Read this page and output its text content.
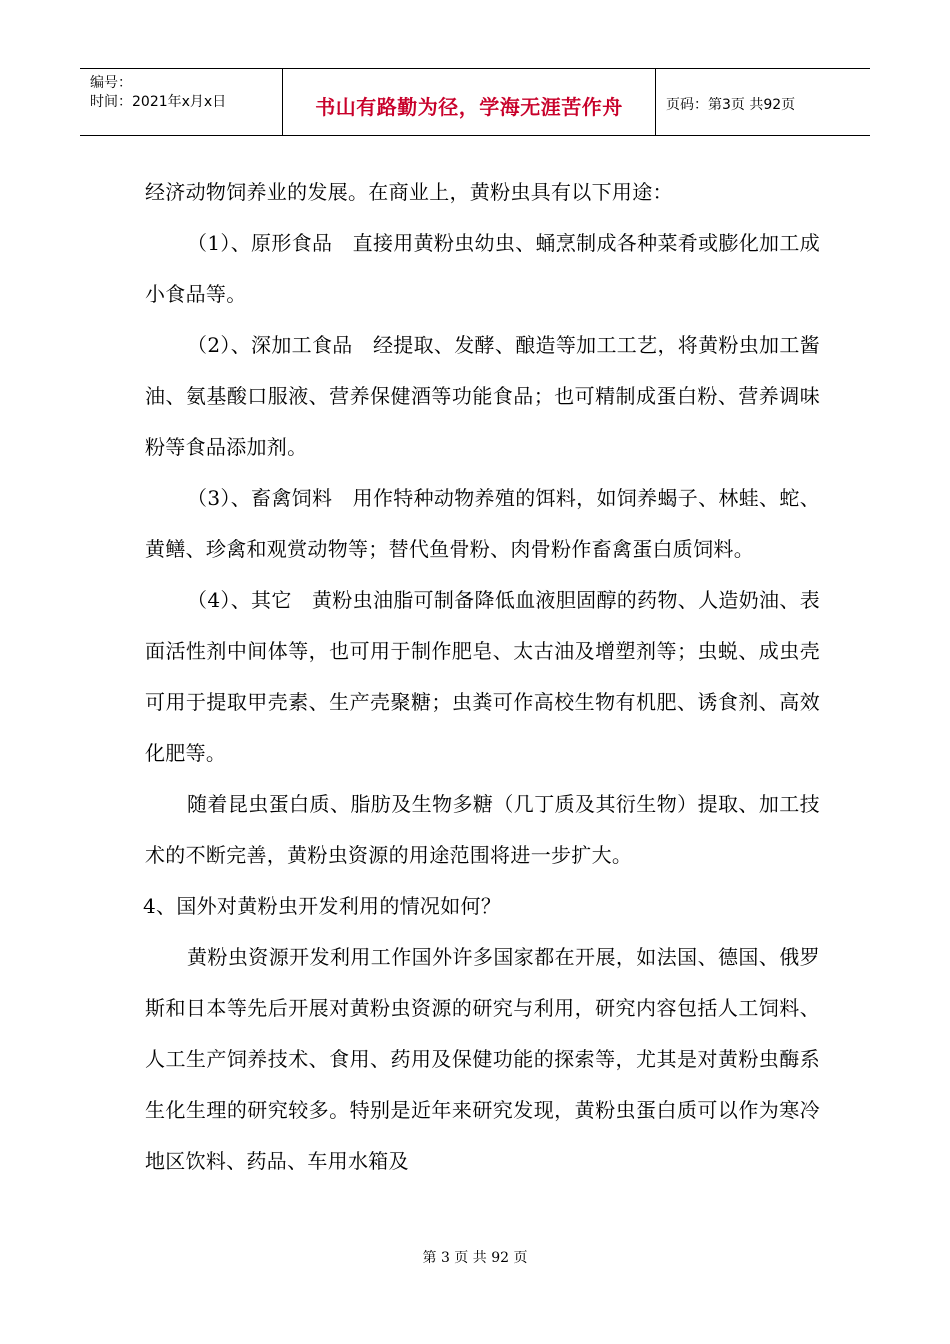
编号：
时间：2021年x月x日	书山有路勤为径，学海无涯苦作舟	页码：第3页 共92页

经济动物饲养业的发展。在商业上，黄粉虫具有以下用途：

（1）、原形食品　直接用黄粉虫幼虫、蛹烹制成各种菜肴或膨化加工成小食品等。

（2）、深加工食品　经提取、发酵、酿造等加工工艺，将黄粉虫加工酱油、氨基酸口服液、营养保健酒等功能食品；也可精制成蛋白粉、营养调味粉等食品添加剂。

（3）、畜禽饲料　用作特种动物养殖的饵料，如饲养蝎子、林蛙、蛇、黄鳝、珍禽和观赏动物等；替代鱼骨粉、肉骨粉作畜禽蛋白质饲料。

（4）、其它　黄粉虫油脂可制备降低血液胆固醇的药物、人造奶油、表面活性剂中间体等，也可用于制作肥皂、太古油及增塑剂等；虫蜕、成虫壳可用于提取甲壳素、生产壳聚糖；虫粪可作高校生物有机肥、诱食剂、高效化肥等。

随着昆虫蛋白质、脂肪及生物多糖（几丁质及其衍生物）提取、加工技术的不断完善，黄粉虫资源的用途范围将进一步扩大。

4、国外对黄粉虫开发利用的情况如何？

黄粉虫资源开发利用工作国外许多国家都在开展，如法国、德国、俄罗斯和日本等先后开展对黄粉虫资源的研究与利用，研究内容包括人工饲料、人工生产饲养技术、食用、药用及保健功能的探索等，尤其是对黄粉虫酶系生化生理的研究较多。特别是近年来研究发现，黄粉虫蛋白质可以作为寒冷地区饮料、药品、车用水箱及

第 3 页 共 92 页
